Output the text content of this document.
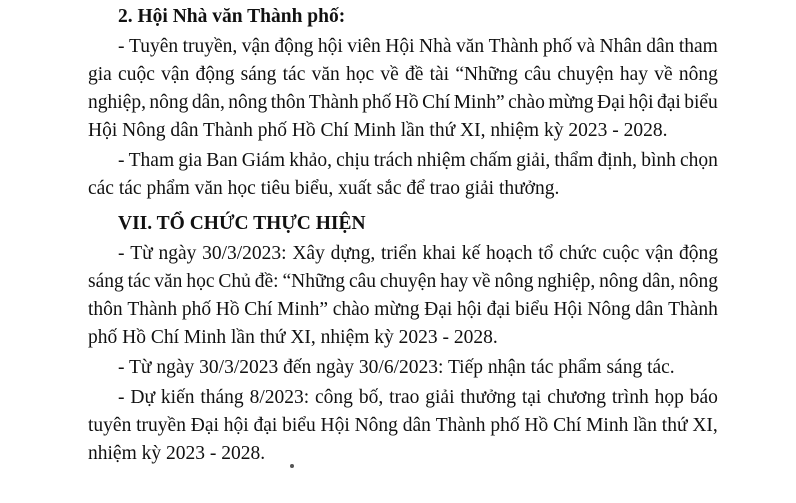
2. Hội Nhà văn Thành phố:
- Tuyên truyền, vận động hội viên Hội Nhà văn Thành phố và Nhân dân tham
gia cuộc vận động sáng tác văn học về đề tài “Những câu chuyện hay về nông
nghiệp, nông dân, nông thôn Thành phố Hồ Chí Minh” chào mừng Đại hội đại biểu
Hội Nông dân Thành phố Hồ Chí Minh lần thứ XI, nhiệm kỳ 2023 - 2028.
- Tham gia Ban Giám khảo, chịu trách nhiệm chấm giải, thẩm định, bình chọn
các tác phẩm văn học tiêu biểu, xuất sắc để trao giải thưởng.
VII. TỔ CHỨC THỰC HIỆN
- Từ ngày 30/3/2023: Xây dựng, triển khai kế hoạch tổ chức cuộc vận động
sáng tác văn học Chủ đề: “Những câu chuyện hay về nông nghiệp, nông dân, nông
thôn Thành phố Hồ Chí Minh” chào mừng Đại hội đại biểu Hội Nông dân Thành
phố Hồ Chí Minh lần thứ XI, nhiệm kỳ 2023 - 2028.
- Từ ngày 30/3/2023 đến ngày 30/6/2023: Tiếp nhận tác phẩm sáng tác.
- Dự kiến tháng 8/2023: công bố, trao giải thưởng tại chương trình họp báo
tuyên truyền Đại hội đại biểu Hội Nông dân Thành phố Hồ Chí Minh lần thứ XI,
nhiệm kỳ 2023 - 2028.
